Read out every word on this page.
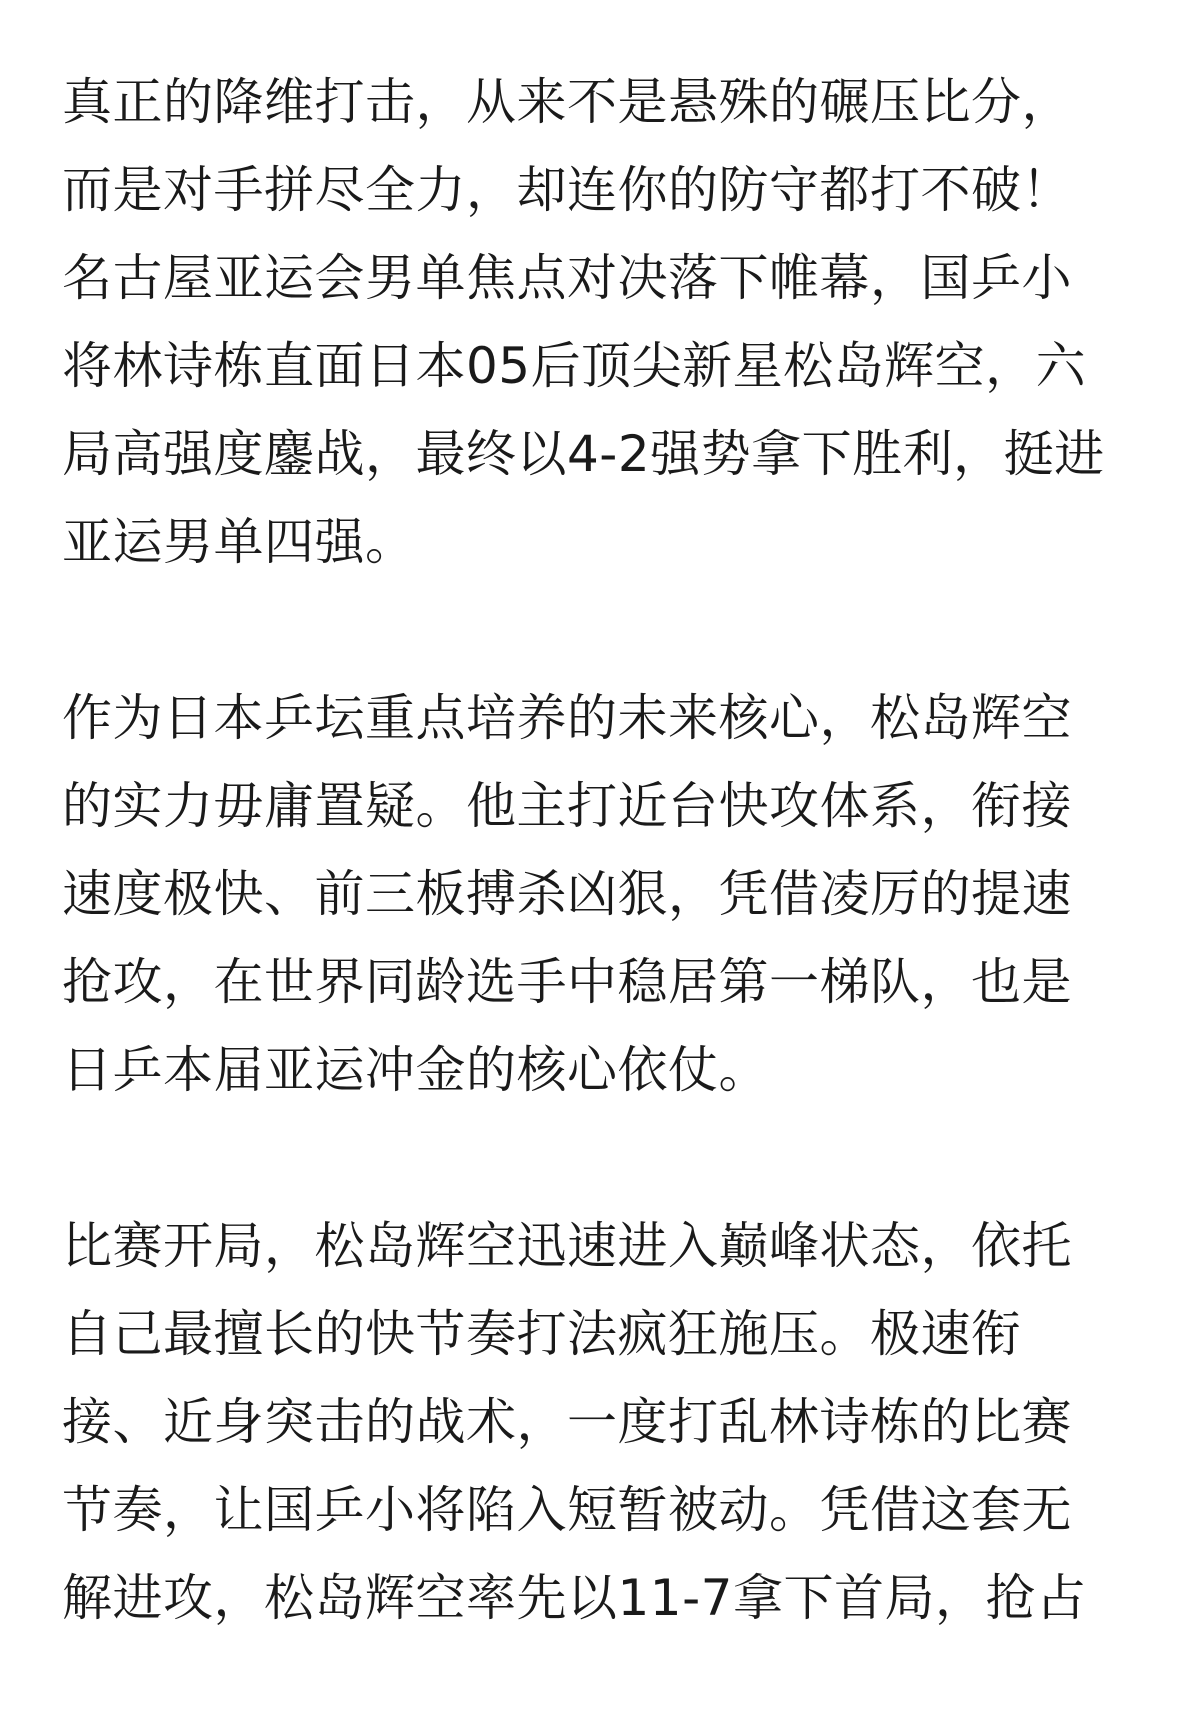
真正的降维打击，从来不是悬殊的碾压比分，
而是对手拼尽全力，却连你的防守都打不破！
名古屋亚运会男单焦点对决落下帷幕，国乒小
将林诗栋直面日本05后顶尖新星松岛辉空，六
局高强度鏖战，最终以4-2强势拿下胜利，挺进
亚运男单四强。

作为日本乒坛重点培养的未来核心，松岛辉空
的实力毋庸置疑。他主打近台快攻体系，衔接
速度极快、前三板搏杀凶狠，凭借凌厉的提速
抢攻，在世界同龄选手中稳居第一梯队，也是
日乒本届亚运冲金的核心依仗。

比赛开局，松岛辉空迅速进入巅峰状态，依托
自己最擅长的快节奏打法疯狂施压。极速衔
接、近身突击的战术，一度打乱林诗栋的比赛
节奏，让国乒小将陷入短暂被动。凭借这套无
解进攻，松岛辉空率先以11-7拿下首局，抢占
